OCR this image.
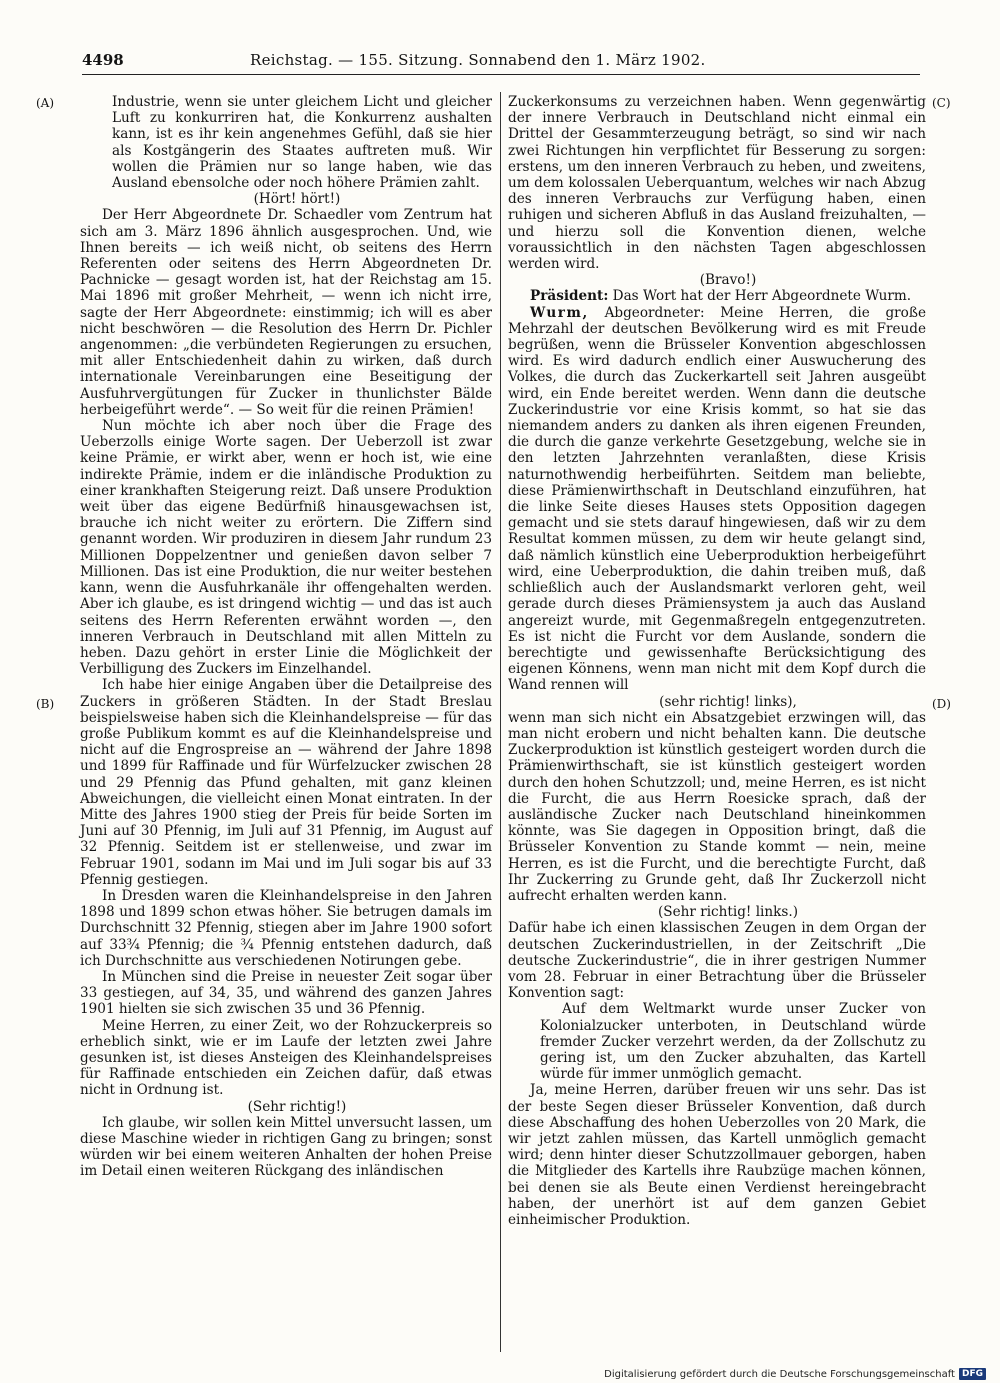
4498	Reichstag. — 155. Sitzung. Sonnabend den 1. März 1902.
(A)
(B)
(C)
(D)

Industrie, wenn sie unter gleichem Licht und gleicher Luft zu konkurriren hat, die Konkurrenz aushalten kann, ist es ihr kein angenehmes Gefühl, daß sie hier als Kostgängerin des Staates auftreten muß. Wir wollen die Prämien nur so lange haben, wie das Ausland ebensolche oder noch höhere Prämien zahlt.

(Hört! hört!)

Der Herr Abgeordnete Dr. Schaedler vom Zentrum hat sich am 3. März 1896 ähnlich ausgesprochen. Und, wie Ihnen bereits — ich weiß nicht, ob seitens des Herrn Referenten oder seitens des Herrn Abgeordneten Dr. Pachnicke — gesagt worden ist, hat der Reichstag am 15. Mai 1896 mit großer Mehrheit, — wenn ich nicht irre, sagte der Herr Abgeordnete: einstimmig; ich will es aber nicht beschwören — die Resolution des Herrn Dr. Pichler angenommen: „die verbündeten Regierungen zu ersuchen, mit aller Entschiedenheit dahin zu wirken, daß durch internationale Vereinbarungen eine Beseitigung der Ausfuhrvergütungen für Zucker in thunlichster Bälde herbeigeführt werde“. — So weit für die reinen Prämien!

Nun möchte ich aber noch über die Frage des Ueberzolls einige Worte sagen. Der Ueberzoll ist zwar keine Prämie, er wirkt aber, wenn er hoch ist, wie eine indirekte Prämie, indem er die inländische Produktion zu einer krankhaften Steigerung reizt. Daß unsere Produktion weit über das eigene Bedürfniß hinausgewachsen ist, brauche ich nicht weiter zu erörtern. Die Ziffern sind genannt worden. Wir produziren in diesem Jahr rundum 23 Millionen Doppelzentner und genießen davon selber 7 Millionen. Das ist eine Produktion, die nur weiter bestehen kann, wenn die Ausfuhrkanäle ihr offengehalten werden. Aber ich glaube, es ist dringend wichtig — und das ist auch seitens des Herrn Referenten erwähnt worden —, den inneren Verbrauch in Deutschland mit allen Mitteln zu heben. Dazu gehört in erster Linie die Möglichkeit der Verbilligung des Zuckers im Einzelhandel.

Ich habe hier einige Angaben über die Detailpreise des Zuckers in größeren Städten. In der Stadt Breslau beispielsweise haben sich die Kleinhandelspreise — für das große Publikum kommt es auf die Kleinhandelspreise und nicht auf die Engrospreise an — während der Jahre 1898 und 1899 für Raffinade und für Würfelzucker zwischen 28 und 29 Pfennig das Pfund gehalten, mit ganz kleinen Abweichungen, die vielleicht einen Monat eintraten. In der Mitte des Jahres 1900 stieg der Preis für beide Sorten im Juni auf 30 Pfennig, im Juli auf 31 Pfennig, im August auf 32 Pfennig. Seitdem ist er stellenweise, und zwar im Februar 1901, sodann im Mai und im Juli sogar bis auf 33 Pfennig gestiegen.

In Dresden waren die Kleinhandelspreise in den Jahren 1898 und 1899 schon etwas höher. Sie betrugen damals im Durchschnitt 32 Pfennig, stiegen aber im Jahre 1900 sofort auf 33¾ Pfennig; die ¾ Pfennig entstehen dadurch, daß ich Durchschnitte aus verschiedenen Notirungen gebe.

In München sind die Preise in neuester Zeit sogar über 33 gestiegen, auf 34, 35, und während des ganzen Jahres 1901 hielten sie sich zwischen 35 und 36 Pfennig.

Meine Herren, zu einer Zeit, wo der Rohzuckerpreis so erheblich sinkt, wie er im Laufe der letzten zwei Jahre gesunken ist, ist dieses Ansteigen des Kleinhandelspreises für Raffinade entschieden ein Zeichen dafür, daß etwas nicht in Ordnung ist.

(Sehr richtig!)

Ich glaube, wir sollen kein Mittel unversucht lassen, um diese Maschine wieder in richtigen Gang zu bringen; sonst würden wir bei einem weiteren Anhalten der hohen Preise im Detail einen weiteren Rückgang des inländischen

Zuckerkonsums zu verzeichnen haben. Wenn gegenwärtig der innere Verbrauch in Deutschland nicht einmal ein Drittel der Gesammterzeugung beträgt, so sind wir nach zwei Richtungen hin verpflichtet für Besserung zu sorgen: erstens, um den inneren Verbrauch zu heben, und zweitens, um dem kolossalen Ueberquantum, welches wir nach Abzug des inneren Verbrauchs zur Verfügung haben, einen ruhigen und sicheren Abfluß in das Ausland freizuhalten, — und hierzu soll die Konvention dienen, welche voraussichtlich in den nächsten Tagen abgeschlossen werden wird.

(Bravo!)

Präsident: Das Wort hat der Herr Abgeordnete Wurm.

Wurm, Abgeordneter: Meine Herren, die große Mehrzahl der deutschen Bevölkerung wird es mit Freude begrüßen, wenn die Brüsseler Konvention abgeschlossen wird. Es wird dadurch endlich einer Auswucherung des Volkes, die durch das Zuckerkartell seit Jahren ausgeübt wird, ein Ende bereitet werden. Wenn dann die deutsche Zuckerindustrie vor eine Krisis kommt, so hat sie das niemandem anders zu danken als ihren eigenen Freunden, die durch die ganze verkehrte Gesetzgebung, welche sie in den letzten Jahrzehnten veranlaßten, diese Krisis naturnothwendig herbeiführten. Seitdem man beliebte, diese Prämienwirthschaft in Deutschland einzuführen, hat die linke Seite dieses Hauses stets Opposition dagegen gemacht und sie stets darauf hingewiesen, daß wir zu dem Resultat kommen müssen, zu dem wir heute gelangt sind, daß nämlich künstlich eine Ueberproduktion herbeigeführt wird, eine Ueberproduktion, die dahin treiben muß, daß schließlich auch der Auslandsmarkt verloren geht, weil gerade durch dieses Prämiensystem ja auch das Ausland angereizt wurde, mit Gegenmaßregeln entgegenzutreten. Es ist nicht die Furcht vor dem Auslande, sondern die berechtigte und gewissenhafte Berücksichtigung des eigenen Könnens, wenn man nicht mit dem Kopf durch die Wand rennen will

(sehr richtig! links),

wenn man sich nicht ein Absatzgebiet erzwingen will, das man nicht erobern und nicht behalten kann. Die deutsche Zuckerproduktion ist künstlich gesteigert worden durch die Prämienwirthschaft, sie ist künstlich gesteigert worden durch den hohen Schutzzoll; und, meine Herren, es ist nicht die Furcht, die aus Herrn Roesicke sprach, daß der ausländische Zucker nach Deutschland hineinkommen könnte, was Sie dagegen in Opposition bringt, daß die Brüsseler Konvention zu Stande kommt — nein, meine Herren, es ist die Furcht, und die berechtigte Furcht, daß Ihr Zuckerring zu Grunde geht, daß Ihr Zuckerzoll nicht aufrecht erhalten werden kann.

(Sehr richtig! links.)

Dafür habe ich einen klassischen Zeugen in dem Organ der deutschen Zuckerindustriellen, in der Zeitschrift „Die deutsche Zuckerindustrie“, die in ihrer gestrigen Nummer vom 28. Februar in einer Betrachtung über die Brüsseler Konvention sagt:

Auf dem Weltmarkt wurde unser Zucker von Kolonialzucker unterboten, in Deutschland würde fremder Zucker verzehrt werden, da der Zollschutz zu gering ist, um den Zucker abzuhalten, das Kartell würde für immer unmöglich gemacht.

Ja, meine Herren, darüber freuen wir uns sehr. Das ist der beste Segen dieser Brüsseler Konvention, daß durch diese Abschaffung des hohen Ueberzolles von 20 Mark, die wir jetzt zahlen müssen, das Kartell unmöglich gemacht wird; denn hinter dieser Schutzzollmauer geborgen, haben die Mitglieder des Kartells ihre Raubzüge machen können, bei denen sie als Beute einen Verdienst hereingebracht haben, der unerhört ist auf dem ganzen Gebiet einheimischer Produktion.

Digitalisierung gefördert durch die Deutsche Forschungsgemeinschaft DFG
